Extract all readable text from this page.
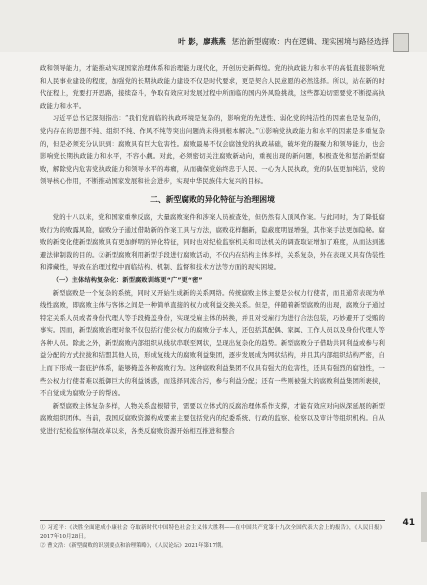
叶 影，廖燕燕 惩治新型腐败：内在逻辑、现实困境与路径选择

政和领导能力，才能推动实现国家治理体系和治理能力现代化，开创历史新辉煌。党的执政能力和水平的高低直接影响党和人民事业建设的程度，加强党的长期执政能力建设不仅是时代要求，更是契合人民意愿的必然选择。所以，站在新的时代征程上，党要打开思路，接续奋斗，争取有效应对发展过程中所面临的国内外风险挑战，这些都迫切需要党不断提高执政能力和水平。

习近平总书记深刻指出：“我们党面临的执政环境是复杂的，影响党的先进性、弱化党的纯洁性的因素也是复杂的，党内存在的思想不纯、组织不纯、作风不纯等突出问题尚未得到根本解决。”①影响党执政能力和水平的因素是多重复杂的，但是必须充分认识到：腐败具有巨大危害性。腐败最易不仅会腐蚀党的执政基础，破坏党的凝聚力和领导能力，也会影响党长期执政能力和水平，不容小觑。对此，必须密切关注腐败新动向，重视出现的新问题，积极查处和惩治新型腐败，解除党内危害党执政能力和领导水平的毒瘤，从而确保党始终忠于人民、一心为人民执政，党的队伍更加纯洁，党的领导核心作用，不断推动国家发展和社会进步，实现中华民族伟大复兴的目标。

二、新型腐败的异化特征与治理困境

党的十八以来，党和国家重拳反腐，大量腐败案件和涉案人员被查处，但仍然有人顶风作案。与此同时，为了降低腐败行为的败露风险，腐败分子通过借助新的作案工具与方法，腐败花样翻新，隐蔽度明显增强，其作案手法更加隐秘。腐败的新变化使新型腐败具有更加鲜明的异化特征，同时也对纪检监察机关和司法机关的调查取证增加了难度，从而达到逃避法律制裁的目的。②新型腐败利用新型手段进行腐败活动，不仅内在结构主体多样，关系复杂，外在表现又具有伪装性和滞藏性，导致在治理过程中面临结构、机制、监督和技术方法等方面的现实困境。

（一）主体结构复杂化：新型腐败训练更“广”更“密”

新型腐败是一个复杂的系统，同时又开始生成新的关系网络。传统腐败主体主要是公权力行使者，而且通常表现为单线性腐败，即腐败主体与客体之间是一种简单直接的权力或利益交换关系。但是，伴随着新型腐败的出现，腐败分子通过特定关系人员或者身份代理人等手段掩盖身份，实现受雇主体的转换，并且对受雇行为进行合法包装，巧妙避开了受贿的事实。因而，新型腐败治理对象不仅包括行使公权力的腐败分子本人，还包括其配偶、家属、工作人员以及身份代理人等各种人员。除此之外，新型腐败内部组织从线状串联至网状，呈现出复杂化的趋势。新型腐败分子借助共同利益或参与利益分配的方式拉拢和结盟其他人员，形成复线大的腐败利益集团，逐步发展成为网状结构，并且其内部组织结构严密，自上而下形成一套庇护体系，能够掩盖各种腐败行为。这种腐败利益集团不仅具有强大的危害性，还具有强烈的腐蚀性，一些公权力行使者难以抵御巨大的利益诱惑，而选择同流合污，参与利益分配；还有一些则被强大的腐败利益集团所裹挟，不自觉成为腐败分子的帮凶。

新型腐败主体复杂多样，人物关系盘根错节，需要以立体式的反腐治理体系作支撑，才能有效应对向纵深延展的新型腐败组织团体。当前，我国反腐败资源构成要素主要包括党内的纪委系统、行政的监察、检察以及审计等组织机构。自从党进行纪检监察体制改革以来，各类反腐败资源开始相互推进和整合

① 习近平：《决胜全面建成小康社会 夺取新时代中国特色社会主义伟大胜利——在中国共产党第十九次全国代表大会上的报告》，《人民日报》2017年10月28日。
② 曹文浩：《新型腐败的识别要点和治理策略》，《人民论坛》2021年第17期。
41
